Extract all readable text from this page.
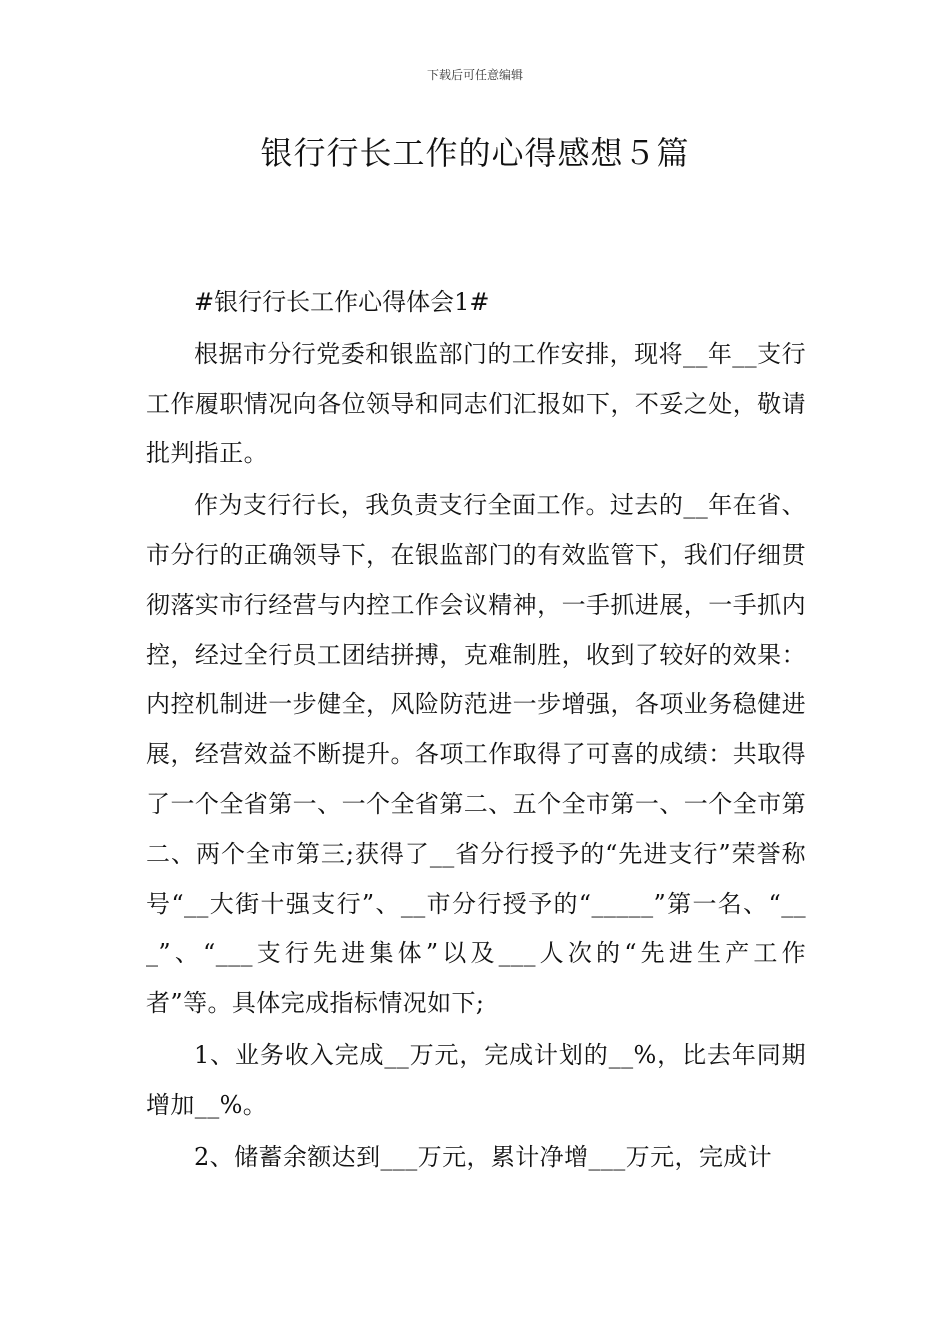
下载后可任意编辑
银行行长工作的心得感想５篇

#银行行长工作心得体会1#

根据市分行党委和银监部门的工作安排，现将__年__支行工作履职情况向各位领导和同志们汇报如下，不妥之处，敬请批判指正。

作为支行行长，我负责支行全面工作。过去的__年在省、市分行的正确领导下，在银监部门的有效监管下，我们仔细贯彻落实市行经营与内控工作会议精神，一手抓进展，一手抓内控，经过全行员工团结拼搏，克难制胜，收到了较好的效果：内控机制进一步健全，风险防范进一步增强，各项业务稳健进展，经营效益不断提升。各项工作取得了可喜的成绩：共取得了一个全省第一、一个全省第二、五个全市第一、一个全市第二、两个全市第三;获得了__省分行授予的“先进支行”荣誉称号“__大街十强支行”、__市分行授予的“_____”第一名、“___”、“___支行先进集体”以及___人次的“先进生产工作者”等。具体完成指标情况如下;

1、业务收入完成__万元，完成计划的__%，比去年同期增加__%。

2、储蓄余额达到___万元，累计净增___万元，完成计
